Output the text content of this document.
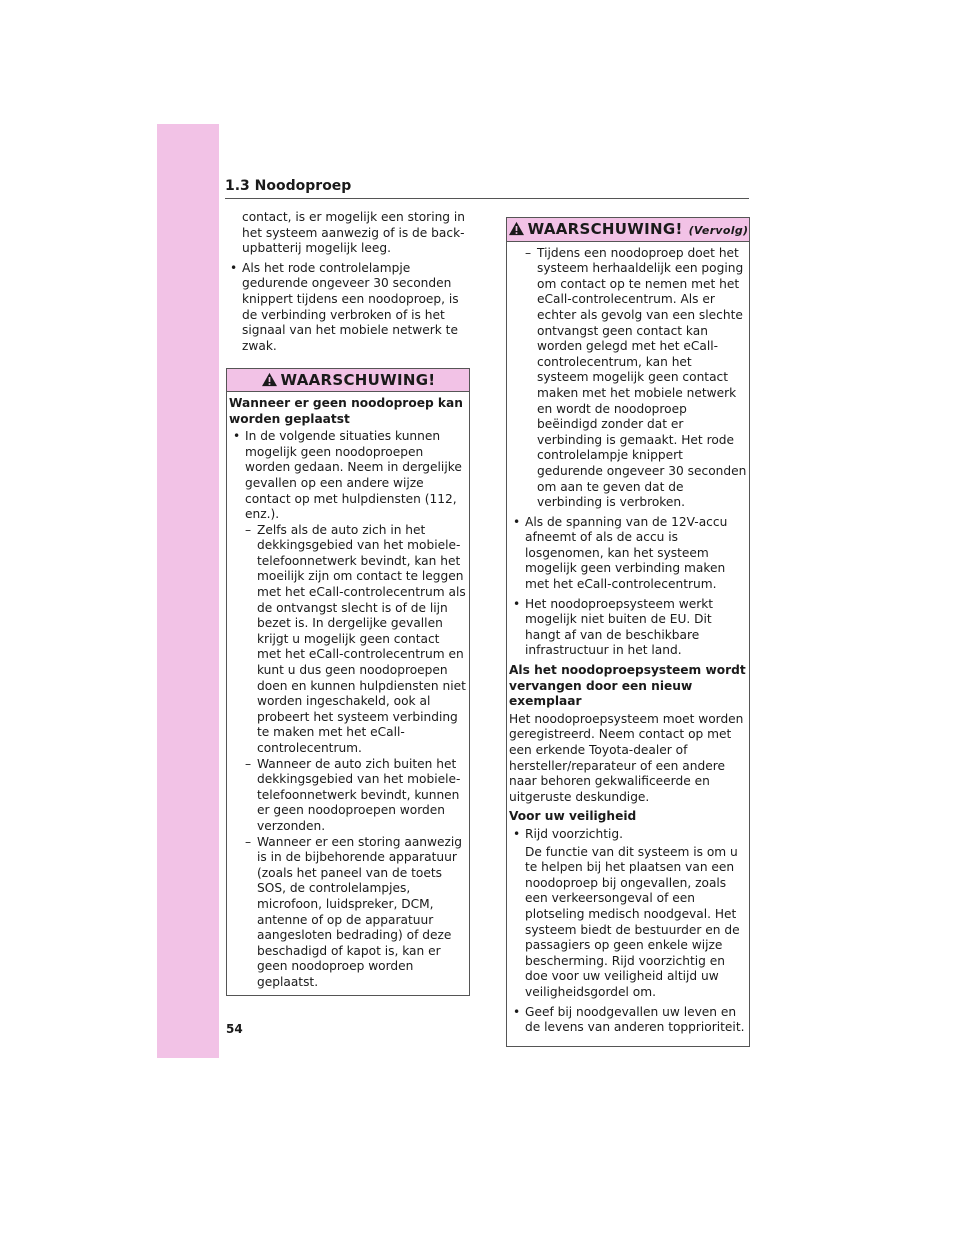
1.3 Noodoproep

contact, is er mogelijk een storing in het systeem aanwezig of is de back-upbatterij mogelijk leeg.

• Als het rode controlelampje gedurende ongeveer 30 seconden knippert tijdens een noodoproep, is de verbinding verbroken of is het signaal van het mobiele netwerk te zwak.

WAARSCHUWING!

Wanneer er geen noodoproep kan worden geplaatst

• In de volgende situaties kunnen mogelijk geen noodoproepen worden gedaan. Neem in dergelijke gevallen op een andere wijze contact op met hulpdiensten (112, enz.).

– Zelfs als de auto zich in het dekkingsgebied van het mobiele-telefoonnetwerk bevindt, kan het moeilijk zijn om contact te leggen met het eCall-controlecentrum als de ontvangst slecht is of de lijn bezet is. In dergelijke gevallen krijgt u mogelijk geen contact met het eCall-controlecentrum en kunt u dus geen noodoproepen doen en kunnen hulpdiensten niet worden ingeschakeld, ook al probeert het systeem verbinding te maken met het eCall-controlecentrum.

– Wanneer de auto zich buiten het dekkingsgebied van het mobiele-telefoonnetwerk bevindt, kunnen er geen noodoproepen worden verzonden.

– Wanneer er een storing aanwezig is in de bijbehorende apparatuur (zoals het paneel van de toets SOS, de controlelampjes, microfoon, luidspreker, DCM, antenne of op de apparatuur aangesloten bedrading) of deze beschadigd of kapot is, kan er geen noodoproep worden geplaatst.

WAARSCHUWING! (Vervolg)

– Tijdens een noodoproep doet het systeem herhaaldelijk een poging om contact op te nemen met het eCall-controlecentrum. Als er echter als gevolg van een slechte ontvangst geen contact kan worden gelegd met het eCall-controlecentrum, kan het systeem mogelijk geen contact maken met het mobiele netwerk en wordt de noodoproep beëindigd zonder dat er verbinding is gemaakt. Het rode controlelampje knippert gedurende ongeveer 30 seconden om aan te geven dat de verbinding is verbroken.

• Als de spanning van de 12V-accu afneemt of als de accu is losgenomen, kan het systeem mogelijk geen verbinding maken met het eCall-controlecentrum.

• Het noodoproepsysteem werkt mogelijk niet buiten de EU. Dit hangt af van de beschikbare infrastructuur in het land.

Als het noodoproepsysteem wordt vervangen door een nieuw exemplaar

Het noodoproepsysteem moet worden geregistreerd. Neem contact op met een erkende Toyota-dealer of hersteller/reparateur of een andere naar behoren gekwalificeerde en uitgeruste deskundige.

Voor uw veiligheid

• Rijd voorzichtig.

De functie van dit systeem is om u te helpen bij het plaatsen van een noodoproep bij ongevallen, zoals een verkeersongeval of een plotseling medisch noodgeval. Het systeem biedt de bestuurder en de passagiers op geen enkele wijze bescherming. Rijd voorzichtig en doe voor uw veiligheid altijd uw veiligheidsgordel om.

• Geef bij noodgevallen uw leven en de levens van anderen topprioriteit.

54
